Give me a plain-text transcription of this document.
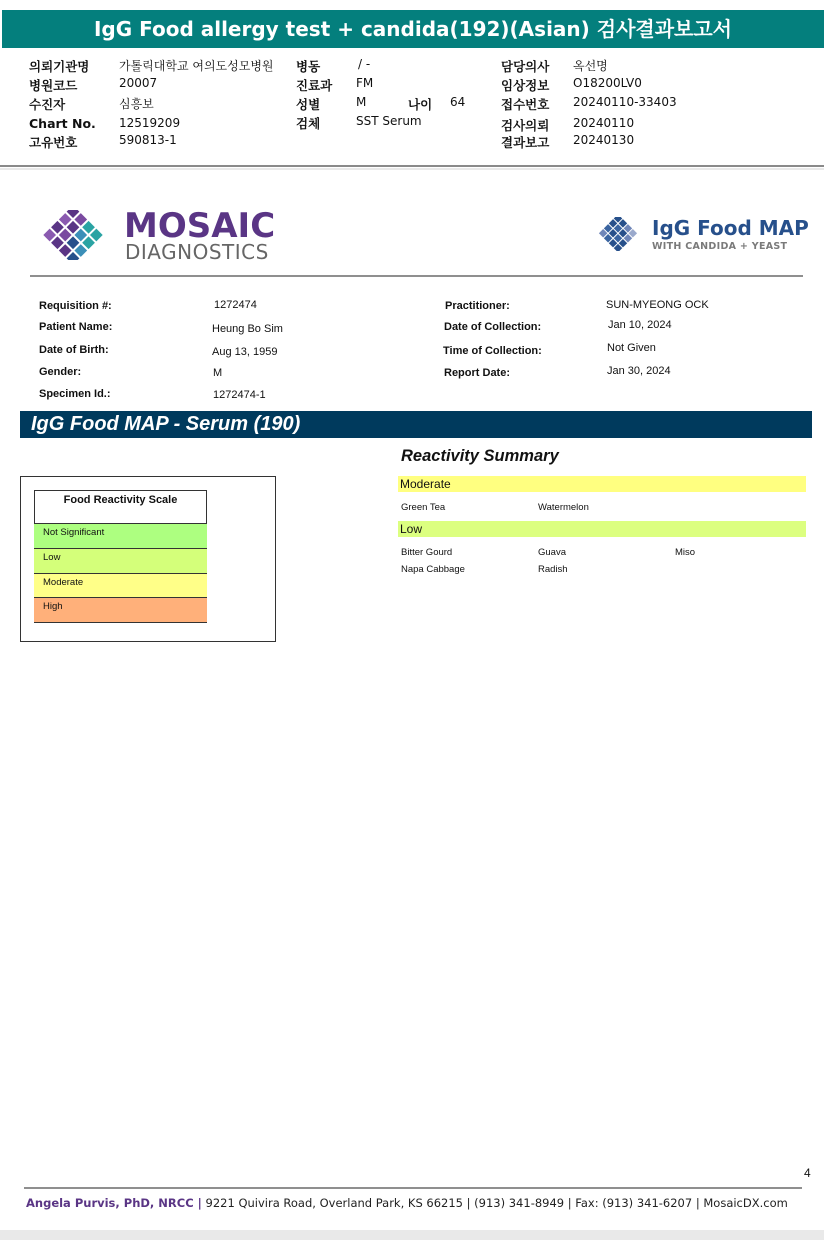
IgG Food allergy test + candida(192)(Asian) 검사결과보고서
의뢰기관명 가톨릭대학교 여의도성모병원
병원코드	20007
수진자	심흥보
Chart No. 12519209
고유번호	590813-1
병동	/ -
진료과 FM
성별	M	나이 64
검체	SST Serum
담당의사 옥선명
임상정보 O18200LV0
접수번호 20240110-33403
검사의뢰 20240110
결과보고 20240130
MOSAIC
DIAGNOSTICS
IgG Food MAP
WITH CANDIDA + YEAST
Requisition #:	1272474
Patient Name:	Heung Bo Sim
Date of Birth:	Aug 13, 1959
Gender:	M
Specimen Id.:	1272474-1
Practitioner:	SUN-MYEONG OCK
Date of Collection:	Jan 10, 2024
Time of Collection:	Not Given
Report Date:	Jan 30, 2024
IgG Food MAP - Serum (190)
Food Reactivity Scale
Not Significant
Low
Moderate
High
Reactivity Summary
Moderate
Green Tea	Watermelon
Low
Bitter Gourd	Guava	Miso
Napa Cabbage	Radish
4
Angela Purvis, PhD, NRCC | 9221 Quivira Road, Overland Park, KS 66215 | (913) 341-8949 | Fax: (913) 341-6207 | MosaicDX.com
